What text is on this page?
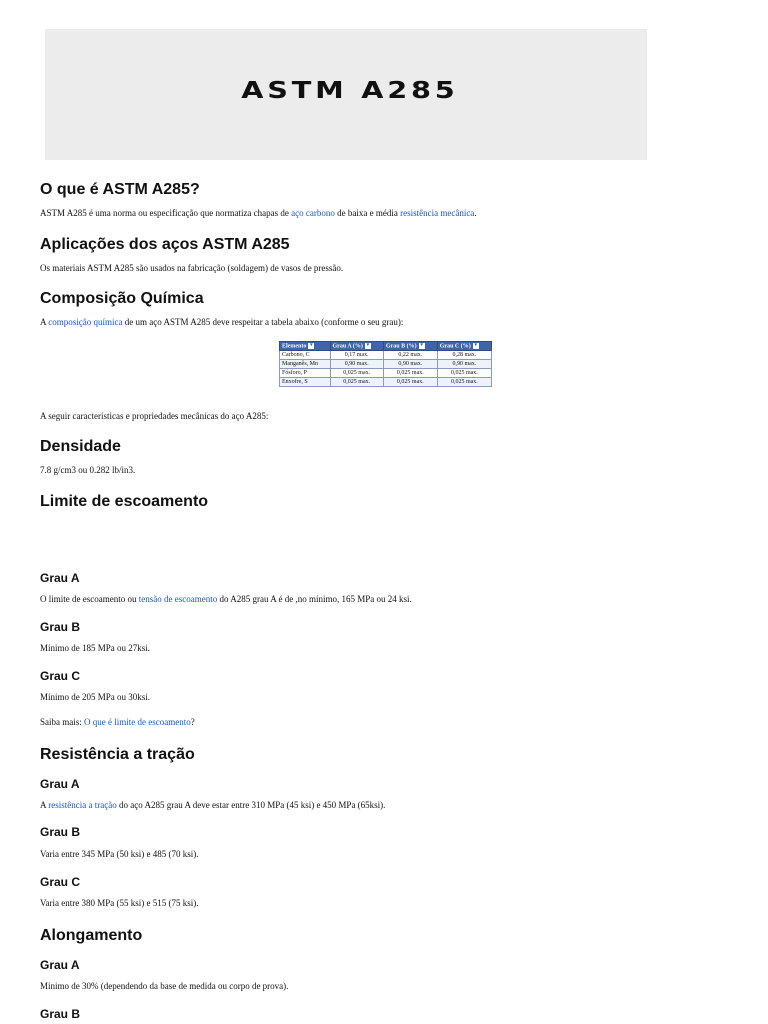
ASTM A285
O que é ASTM A285?
ASTM A285 é uma norma ou especificação que normatiza chapas de aço carbono de baixa e média resistência mecânica.
Aplicações dos aços ASTM A285
Os materiais ASTM A285 são usados na fabricação (soldagem) de vasos de pressão.
Composição Química
A composição química de um aço ASTM A285 deve respeitar a tabela abaixo (conforme o seu grau):
Elemento ▾	Grau A (%) ▾	Grau B (%) ▾	Grau C (%) ▾
Carbono, C	0,17 max.	0,22 max.	0,28 max.
Manganês, Mn	0,90 max.	0,90 max.	0,90 max.
Fósforo, P	0,025 max.	0,025 max.	0,025 max.
Enxofre, S	0,025 max.	0,025 max.	0,025 max.
A seguir características e propriedades mecânicas do aço A285:
Densidade
7.8 g/cm3 ou 0.282 lb/in3.
Limite de escoamento
Grau A
O limite de escoamento ou tensão de escoamento do A285 grau A é de ,no mínimo, 165 MPa ou 24 ksi.
Grau B
Mínimo de 185 MPa ou 27ksi.
Grau C
Mínimo de 205 MPa ou 30ksi.
Saiba mais: O que é limite de escoamento?
Resistência a tração
Grau A
A resistência a tração do aço A285 grau A deve estar entre 310 MPa (45 ksi) e 450 MPa (65ksi).
Grau B
Varia entre 345 MPa (50 ksi) e 485 (70 ksi).
Grau C
Varia entre 380 MPa (55 ksi) e 515 (75 ksi).
Alongamento
Grau A
Mínimo de 30% (dependendo da base de medida ou corpo de prova).
Grau B
